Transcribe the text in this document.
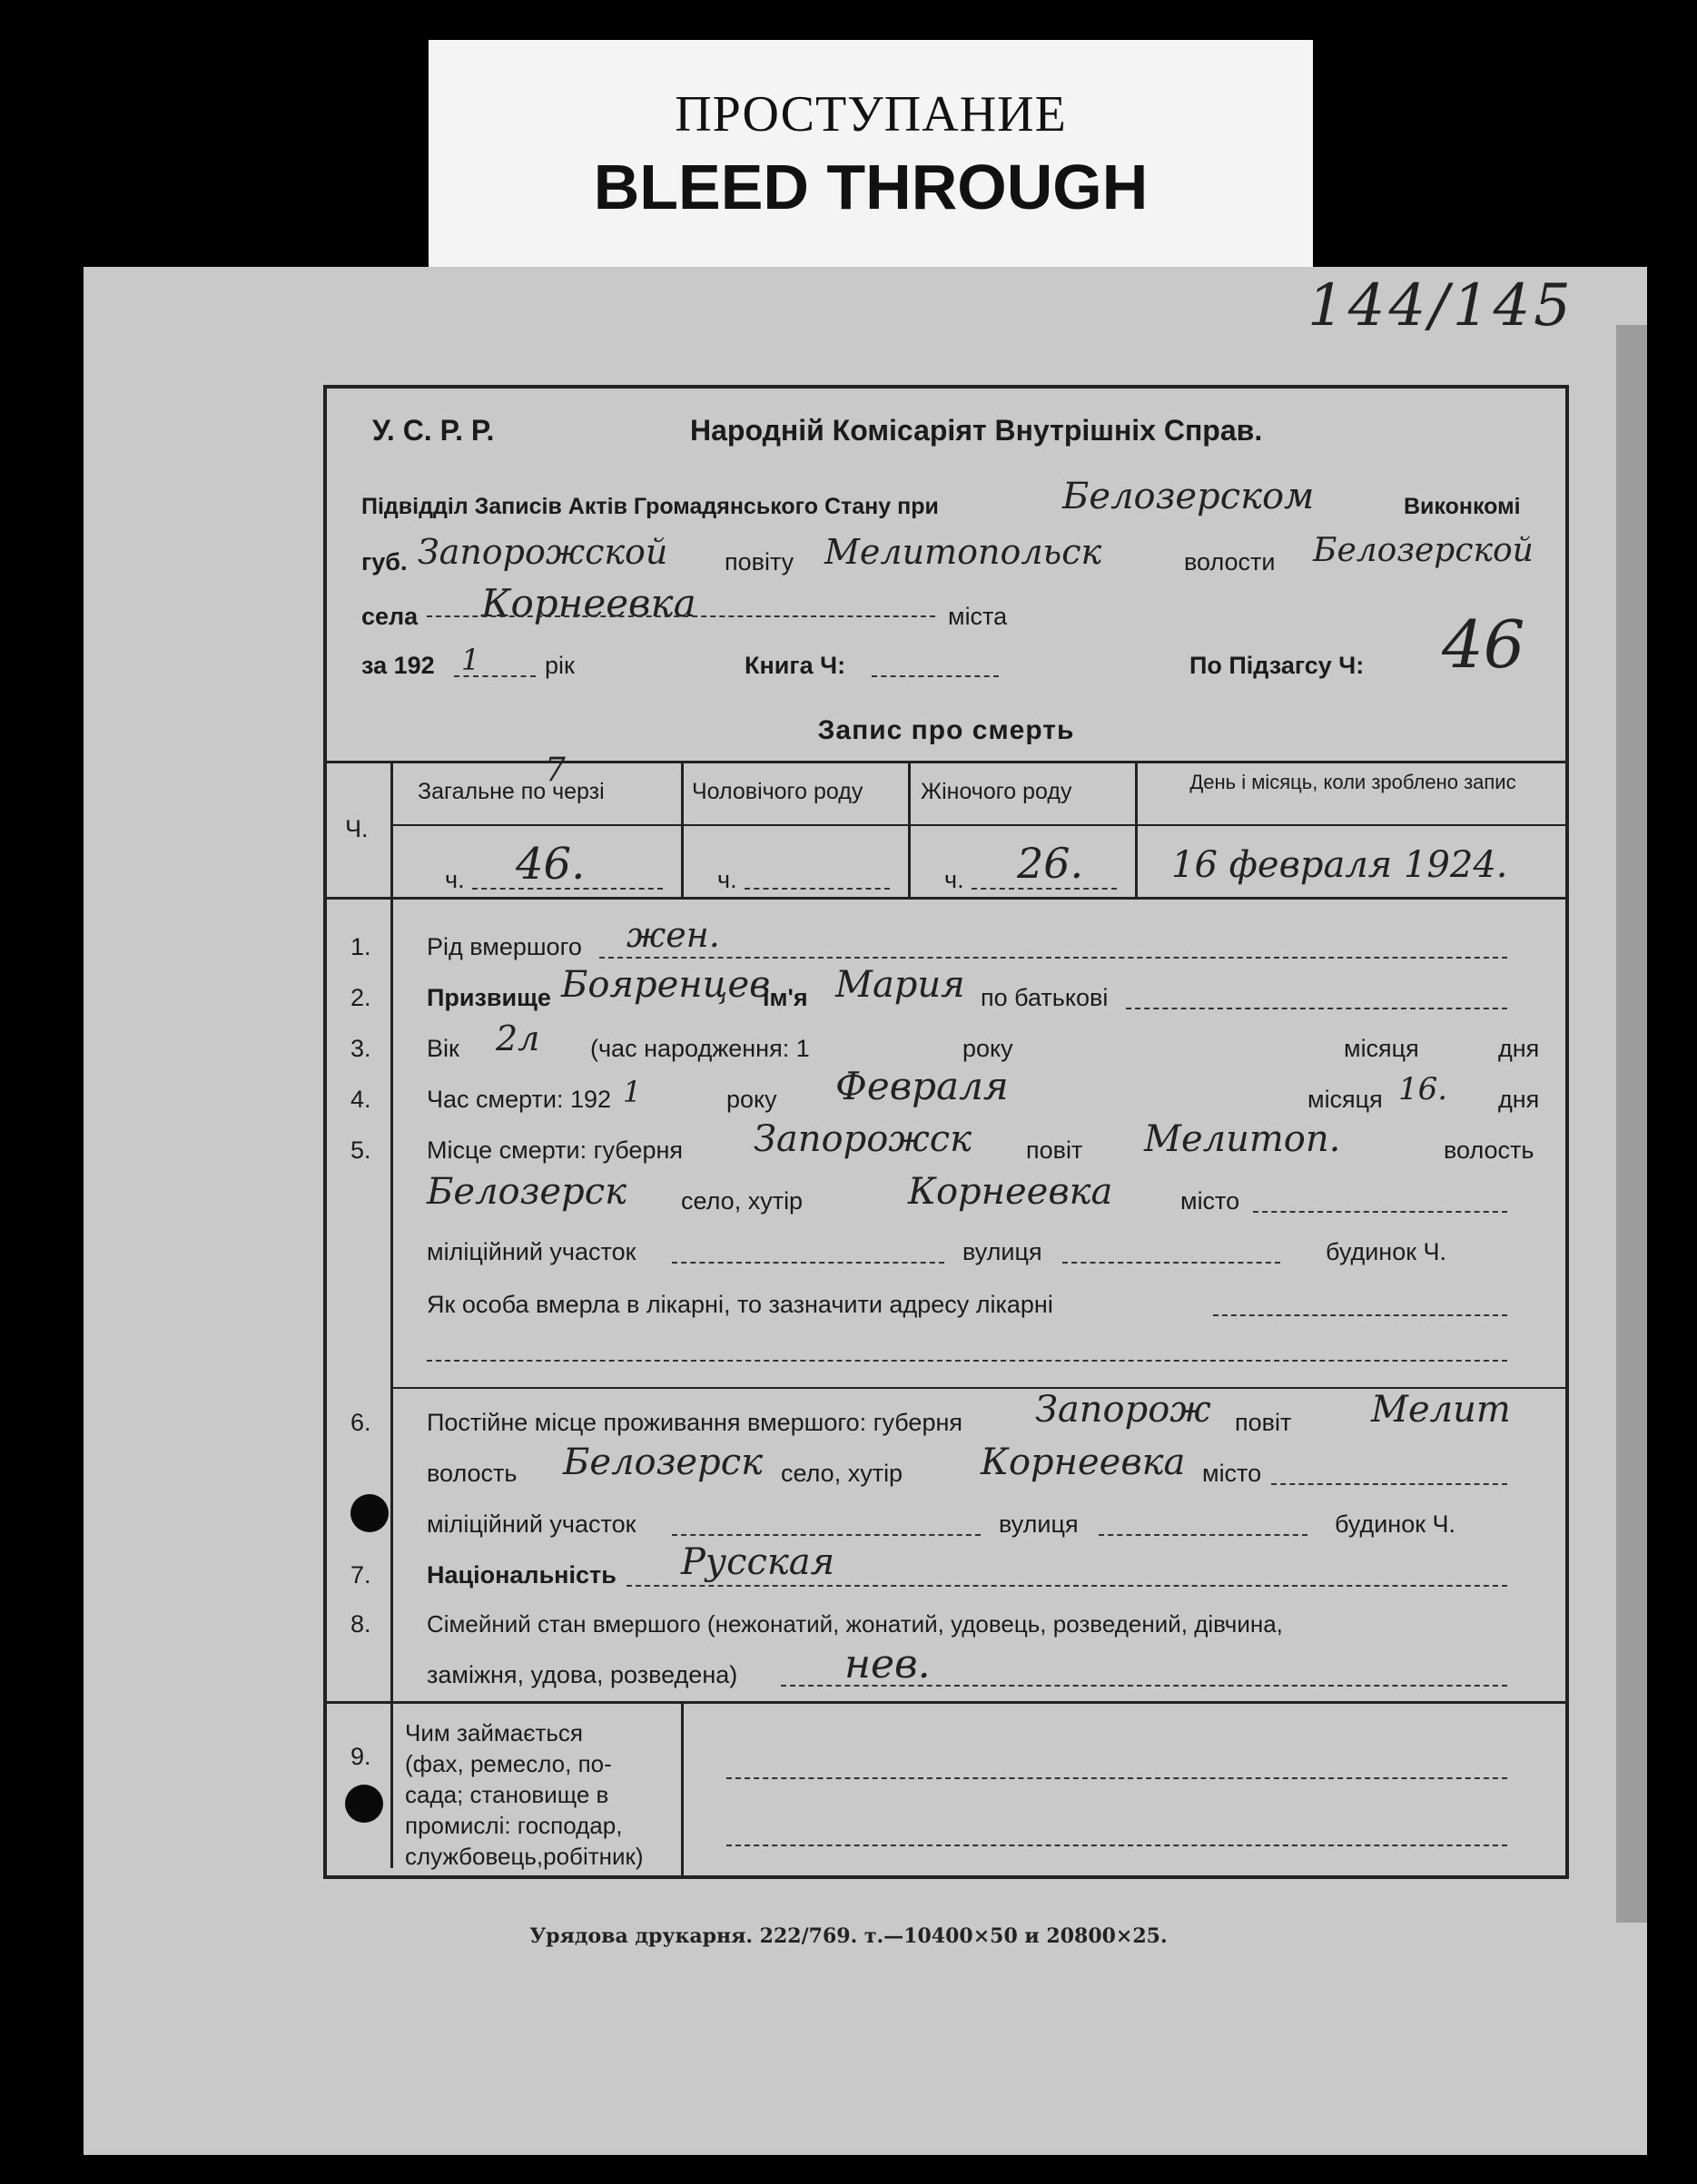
ПРОСТУПАНИЕ
BLEED THROUGH
144/145
У. С. Р. Р.	Народній Комісаріят Внутрішніх Справ.
Підвідділ Записів Актів Громадянського Стану при	Белозерском	Виконкомі
губ. Запорожской повіту Мелитопольск	волости Белозерской
села Корнеевка	міста
за 192 1	рік	Книга Ч:	По Підзагсу Ч: 46
Запис про смерть
Ч.
Загальне по черзі
7
Чоловічого роду	Жіночого роду	День і місяць, коли зроблено запис
ч. 46.	ч.	ч. 26. 16 февраля 1924.
1. Рід вмершого жен.
2. Призвище Бояренцев
ім'я Мария по батькові
3. Вік 2л (час народження: 1	року	місяця	дня
4. Час смерти: 192 1	року Февраля	місяця 16. дня
5. Місце смерти: губерня Запорожск повіт Мелитоп.	волость
Белозерск село, хутір	Корнеевка	місто
міліційний участок	вулиця	будинок Ч.
Як особа вмерла в лікарні, то зазначити адресу лікарні
6. Постійне місце проживання вмершого: губерня Запорож повіт Мелит
волость Белозерск село, хутір Корнеевка місто
міліційний участок	вулиця	будинок Ч.
7. Національність Русская
8. Сімейний стан вмершого (нежонатий, жонатий, удовець, розведений, дівчина,
заміжня, удова, розведена)	нев.
9.
Чим займається
(фах, ремесло, по-
сада; становище в
промислі: господар,
службовець,робітник)
Урядова друкарня. 222/769. т.—10400×50 и 20800×25.
